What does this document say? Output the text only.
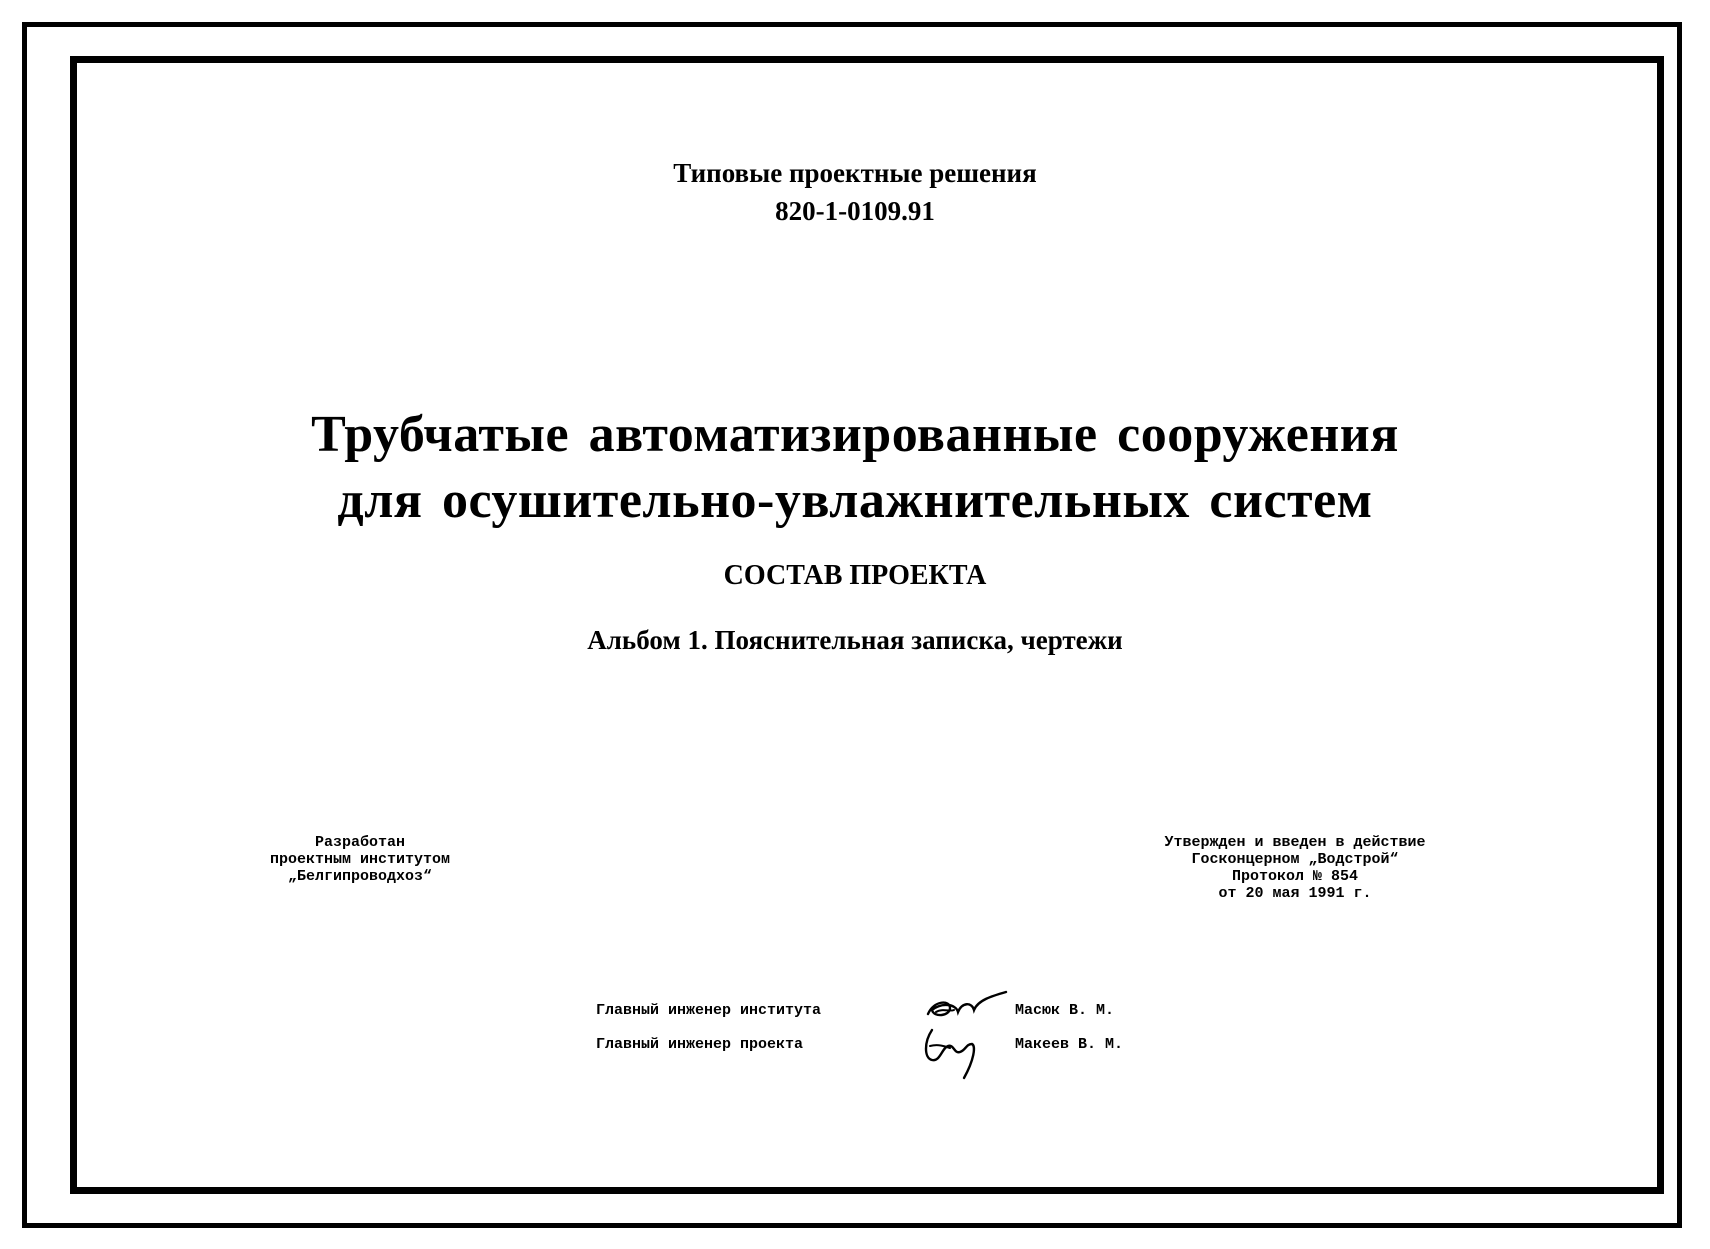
Типовые проектные решения
820-1-0109.91
Трубчатые автоматизированные сооружения
для осушительно-увлажнительных систем
СОСТАВ ПРОЕКТА
Альбом 1. Пояснительная записка, чертежи
Разработан
проектным институтом
„Белгипроводхоз“
Утвержден и введен в действие
Госконцерном „Водстрой“
Протокол № 854
от 20 мая 1991 г.
Главный инженер института	Масюк В. М.
Главный инженер проекта	Макеев В. М.
